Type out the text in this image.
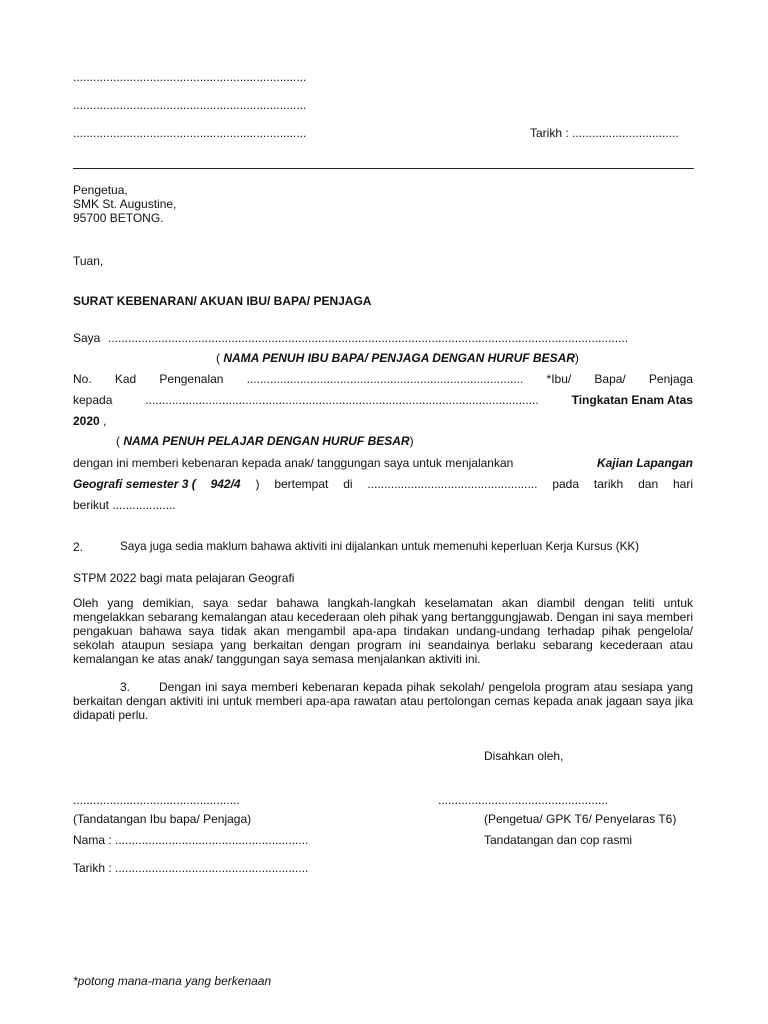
......................................................................
......................................................................
......................................................................	Tarikh : ................................
Pengetua,
SMK St. Augustine,
95700 BETONG.
Tuan,
SURAT KEBENARAN/ AKUAN IBU/ BAPA/ PENJAGA
Saya ............................................................................................................................................................
( NAMA PENUH IBU BAPA/ PENJAGA DENGAN HURUF BESAR)
No. Kad Pengenalan ................................................................................... *Ibu/ Bapa/ Penjaga
kepada	......................................................................................................................	Tingkatan Enam Atas
2020 ,
( NAMA PENUH PELAJAR DENGAN HURUF BESAR)
dengan ini memberi kebenaran kepada anak/ tanggungan saya untuk menjalankan	Kajian Lapangan
Geografi semester 3 ( 942/4 ) bertempat di ................................................... pada tarikh dan hari
berikut ...................
2.	Saya juga sedia maklum bahawa aktiviti ini dijalankan untuk memenuhi keperluan Kerja Kursus (KK)
STPM 2022 bagi mata pelajaran Geografi
Oleh yang demikian, saya sedar bahawa langkah-langkah keselamatan akan diambil dengan teliti untuk mengelakkan sebarang kemalangan atau kecederaan oleh pihak yang bertanggungjawab. Dengan ini saya memberi pengakuan bahawa saya tidak akan mengambil apa-apa tindakan undang-undang terhadap pihak pengelola/ sekolah ataupun sesiapa yang berkaitan dengan program ini seandainya berlaku sebarang kecederaan atau kemalangan ke atas anak/ tanggungan saya semasa menjalankan aktiviti ini.
3. Dengan ini saya memberi kebenaran kepada pihak sekolah/ pengelola program atau sesiapa yang berkaitan dengan aktiviti ini untuk memberi apa-apa rawatan atau pertolongan cemas kepada anak jagaan saya jika didapati perlu.
Disahkan oleh,
..................................................	...................................................
(Tandatangan Ibu bapa/ Penjaga)	(Pengetua/ GPK T6/ Penyelaras T6)
Nama : ..........................................................	Tandatangan dan cop rasmi
Tarikh : ..........................................................
*potong mana-mana yang berkenaan
